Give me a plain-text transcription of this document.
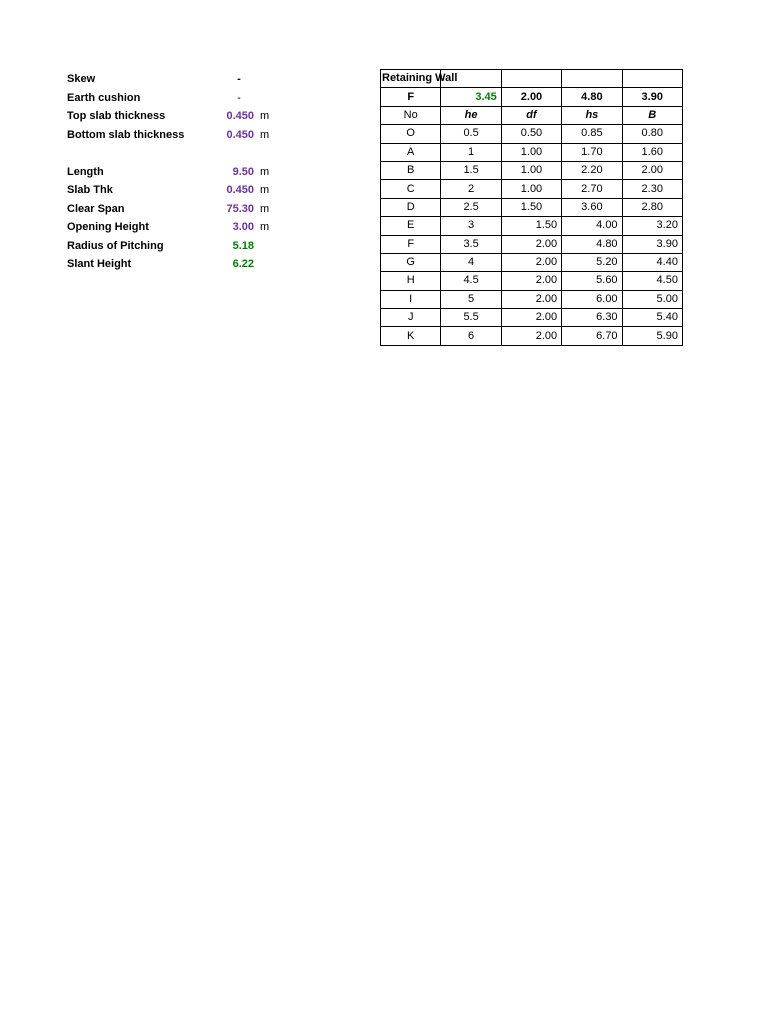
Skew	-
Earth cushion	-
Top slab thickness	0.450 m
Bottom slab thickness	0.450 m
Length	9.50 m
Slab Thk	0.450 m
Clear Span	75.30 m
Opening Height	3.00 m
Radius of Pitching	5.18
Slant Height	6.22
Retaining Wall				

F	3.45	2.00	4.80	3.90
No	he	df	hs	B
O	0.5	0.50	0.85	0.80
A	1	1.00	1.70	1.60
B	1.5	1.00	2.20	2.00
C	2	1.00	2.70	2.30
D	2.5	1.50	3.60	2.80
E	3	1.50	4.00	3.20
F	3.5	2.00	4.80	3.90
G	4	2.00	5.20	4.40
H	4.5	2.00	5.60	4.50
I	5	2.00	6.00	5.00
J	5.5	2.00	6.30	5.40
K	6	2.00	6.70	5.90
